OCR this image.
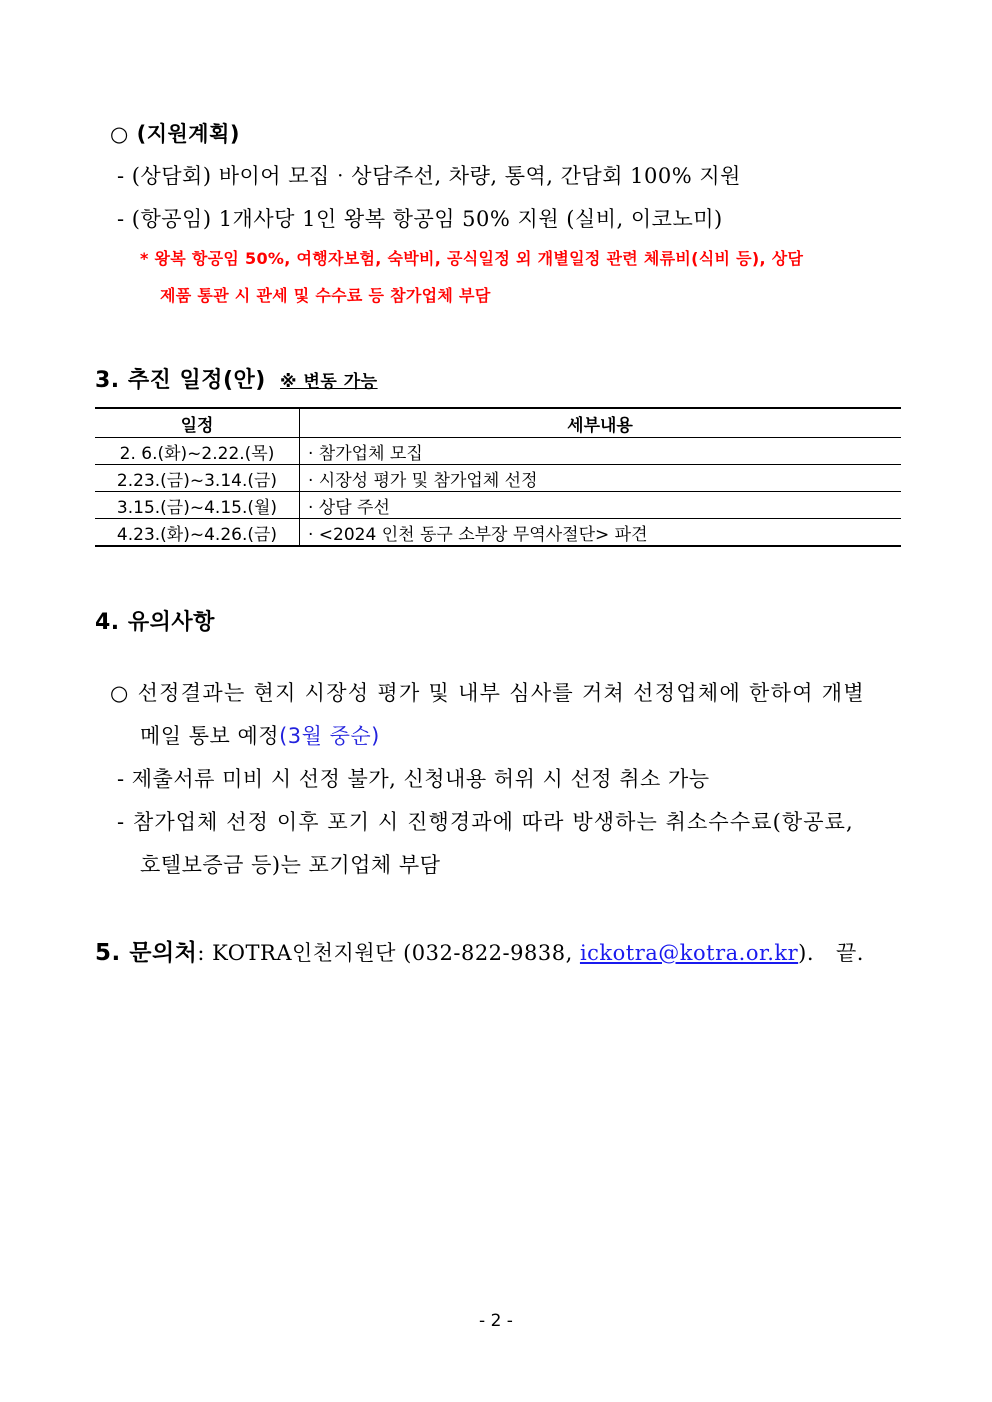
○ (지원계획)
- (상담회) 바이어 모집‧상담주선, 차량, 통역, 간담회 100% 지원
- (항공임) 1개사당 1인 왕복 항공임 50% 지원 (실비, 이코노미)
* 왕복 항공임 50%, 여행자보험, 숙박비, 공식일정 외 개별일정 관련 체류비(식비 등), 상담
제품 통관 시 관세 및 수수료 등 참가업체 부담
3. 추진 일정(안) ※ 변동 가능
일정	세부내용
2. 6.(화)~2.22.(목)	· 참가업체 모집
2.23.(금)~3.14.(금)	· 시장성 평가 및 참가업체 선정
3.15.(금)~4.15.(월)	· 상담 주선
4.23.(화)~4.26.(금)	· <2024 인천 동구 소부장 무역사절단> 파견
4. 유의사항
○ 선정결과는 현지 시장성 평가 및 내부 심사를 거쳐 선정업체에 한하여 개별
메일 통보 예정(3월 중순)
- 제출서류 미비 시 선정 불가, 신청내용 허위 시 선정 취소 가능
- 참가업체 선정 이후 포기 시 진행경과에 따라 방생하는 취소수수료(항공료,
호텔보증금 등)는 포기업체 부담
5. 문의처: KOTRA인천지원단 (032-822-9838, ickotra@kotra.or.kr). 끝.
- 2 -
